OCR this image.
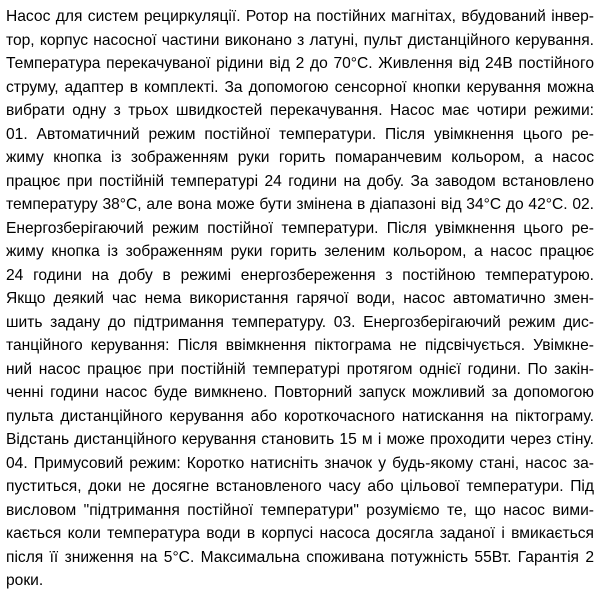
Насос для систем рециркуляції. Ротор на постійних магнітах, вбудований інвер-
тор, корпус насосної частини виконано з латуні, пульт дистанційного керування.
Температура перекачуваної рідини від 2 до 70°С. Живлення від 24В постійного
струму, адаптер в комплекті. За допомогою сенсорної кнопки керування можна
вибрати одну з трьох швидкостей перекачування. Насос має чотири режими:
01. Автоматичний режим постійної температури. Після увімкнення цього ре-
жиму кнопка із зображенням руки горить помаранчевим кольором, а насос
працює при постійній температурі 24 години на добу. За заводом встановлено
температуру 38°С, але вона може бути змінена в діапазоні від 34°С до 42°С. 02.
Енергозберігаючий режим постійної температури. Після увімкнення цього ре-
жиму кнопка із зображенням руки горить зеленим кольором, а насос працює
24 години на добу в режимі енергозбереження з постійною температурою.
Якщо деякий час нема використання гарячої води, насос автоматично змен-
шить задану до підтримання температуру. 03. Енергозберігаючий режим дис-
танційного керування: Після ввімкнення піктограма не підсвічується. Увімкне-
ний насос працює при постійній температурі протягом однієї години. По закін-
ченні години насос буде вимкнено. Повторний запуск можливий за допомогою
пульта дистанційного керування або короткочасного натискання на піктограму.
Відстань дистанційного керування становить 15 м і може проходити через стіну.
04. Примусовий режим: Коротко натисніть значок у будь-якому стані, насос за-
пуститься, доки не досягне встановленого часу або цільової температури. Під
висловом "підтримання постійної температури" розуміємо те, що насос вими-
кається коли температура води в корпусі насоса досягла заданої і вмикається
після її зниження на 5°С. Максимальна споживана потужність 55Вт. Гарантія 2
роки.
